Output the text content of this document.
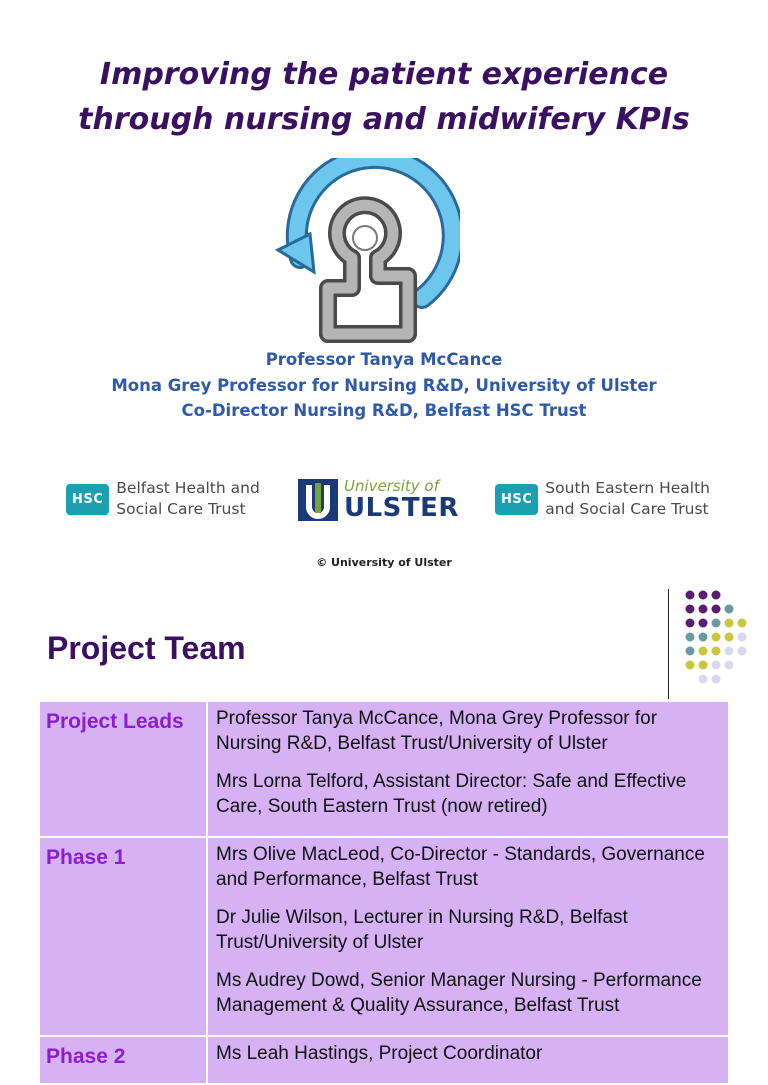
Improving the patient experience
through nursing and midwifery KPIs
Professor Tanya McCance
Mona Grey Professor for Nursing R&D, University of Ulster
Co-Director Nursing R&D, Belfast HSC Trust
HSC
Belfast Health and
Social Care Trust
University of
ULSTER	HSC
South Eastern Health
and Social Care Trust
© University of Ulster
Project Team
Project Leads	Professor Tanya McCance, Mona Grey Professor for Nursing R&D, Belfast Trust/University of Ulster
Mrs Lorna Telford, Assistant Director: Safe and Effective Care, South Eastern Trust (now retired)

Phase 1	Mrs Olive MacLeod, Co-Director - Standards, Governance and Performance, Belfast Trust
Dr Julie Wilson, Lecturer in Nursing R&D, Belfast Trust/University of Ulster
Ms Audrey Dowd, Senior Manager Nursing - Performance Management & Quality Assurance, Belfast Trust

Phase 2	Ms Leah Hastings, Project Coordinator
